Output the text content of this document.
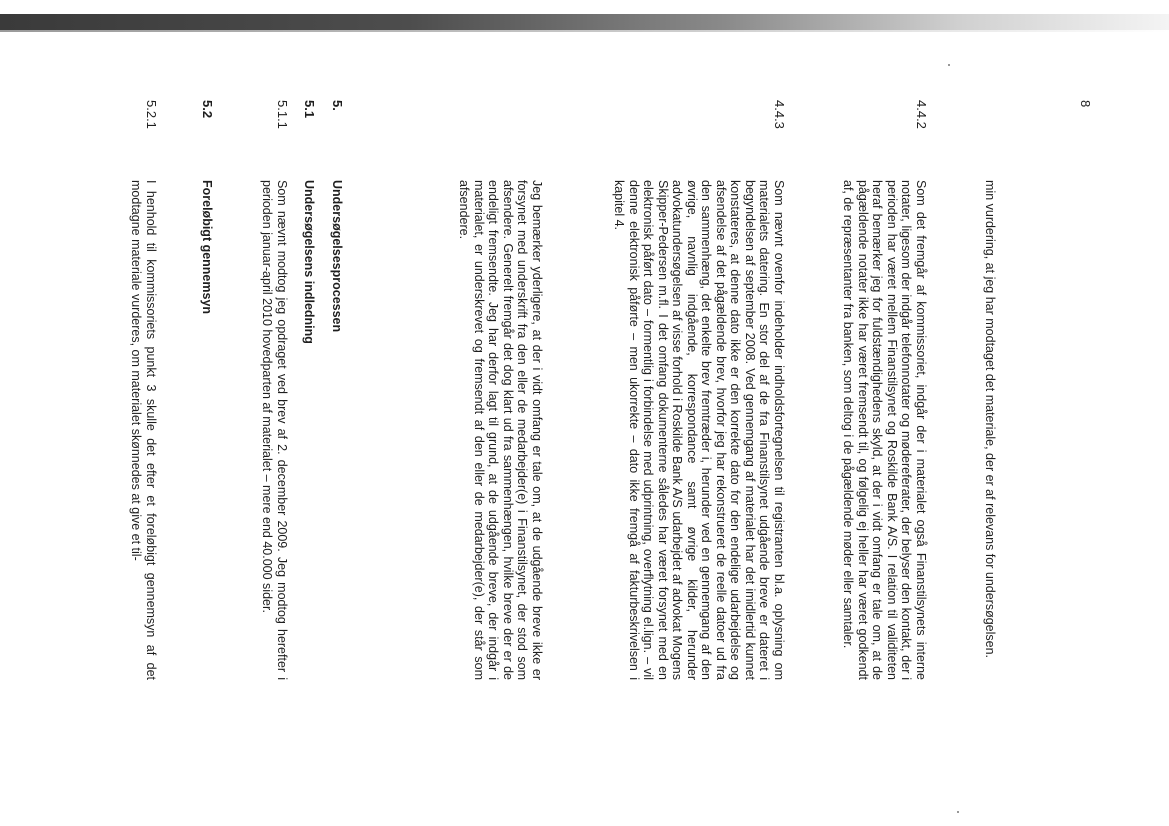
8
min vurdering, at jeg har modtaget det materiale, der er af relevans for undersøgelsen.
4.4.2
Som det fremgår af kommissoriet, indgår der i materialet også Finanstilsynets interne notater, ligesom der indgår telefonnotater og mødereferater, der belyser den kontakt, der i perioden har været mellem Finanstilsynet og Roskilde Bank A/S. I relation til validiteten heraf bemærker jeg for fuldstændighedens skyld, at der i vidt omfang er tale om, at de pågældende notater ikke har været fremsendt til, og følgelig ej heller har været godkendt af, de repræsentanter fra banken, som deltog i de pågældende møder eller samtaler.
4.4.3
Som nævnt ovenfor indeholder indholdsfortegnelsen til registranten bl.a. oplysning om materialets datering. En stor del af de fra Finanstilsynet udgående breve er dateret i begyndelsen af september 2008. Ved gennemgang af materialet har det imidlertid kunnet konstateres, at denne dato ikke er den korrekte dato for den endelige udarbejdelse og afsendelse af det pågældende brev, hvorfor jeg har rekonstrueret de reelle datoer ud fra den sammenhæng, det enkelte brev fremtræder i, herunder ved en gennemgang af den øvrige, navnlig indgående, korrespondance samt øvrige kilder, herunder advokatundersøgelsen af visse forhold i Roskilde Bank A/S udarbejdet af advokat Mogens Skipper-Pedersen m.fl. I det omfang dokumenterne således har været forsynet med en elektronisk påført dato – formentlig i forbindelse med udprintning, overflytning el.lign. – vil denne elektronisk påførte – men ukorrekte – dato ikke fremgå af fakturbeskrivelsen i kapitel 4.
Jeg bemærker yderligere, at der i vidt omfang er tale om, at de udgående breve ikke er forsynet med underskrift fra den eller de medarbejder(e) i Finanstilsynet, der stod som afsendere. Generelt fremgår det dog klart ud fra sammenhængen, hvilke breve der er de endeligt fremsendte. Jeg har derfor lagt til grund, at de udgående breve, der indgår i materialet, er underskrevet og fremsendt af den eller de medarbejder(e), der står som afsendere.
5.
Undersøgelsesprocessen
5.1
Undersøgelsens indledning
5.1.1
Som nævnt modtog jeg opdraget ved brev af 2. december 2009. Jeg modtog herefter i perioden januar-april 2010 hovedparten af materialet – mere end 40.000 sider.
5.2
Foreløbigt gennemsyn
5.2.1
I henhold til kommissoriets punkt 3 skulle det efter et foreløbigt gennemsyn af det modtagne materiale vurderes, om materialet skønnedes at give et til-
